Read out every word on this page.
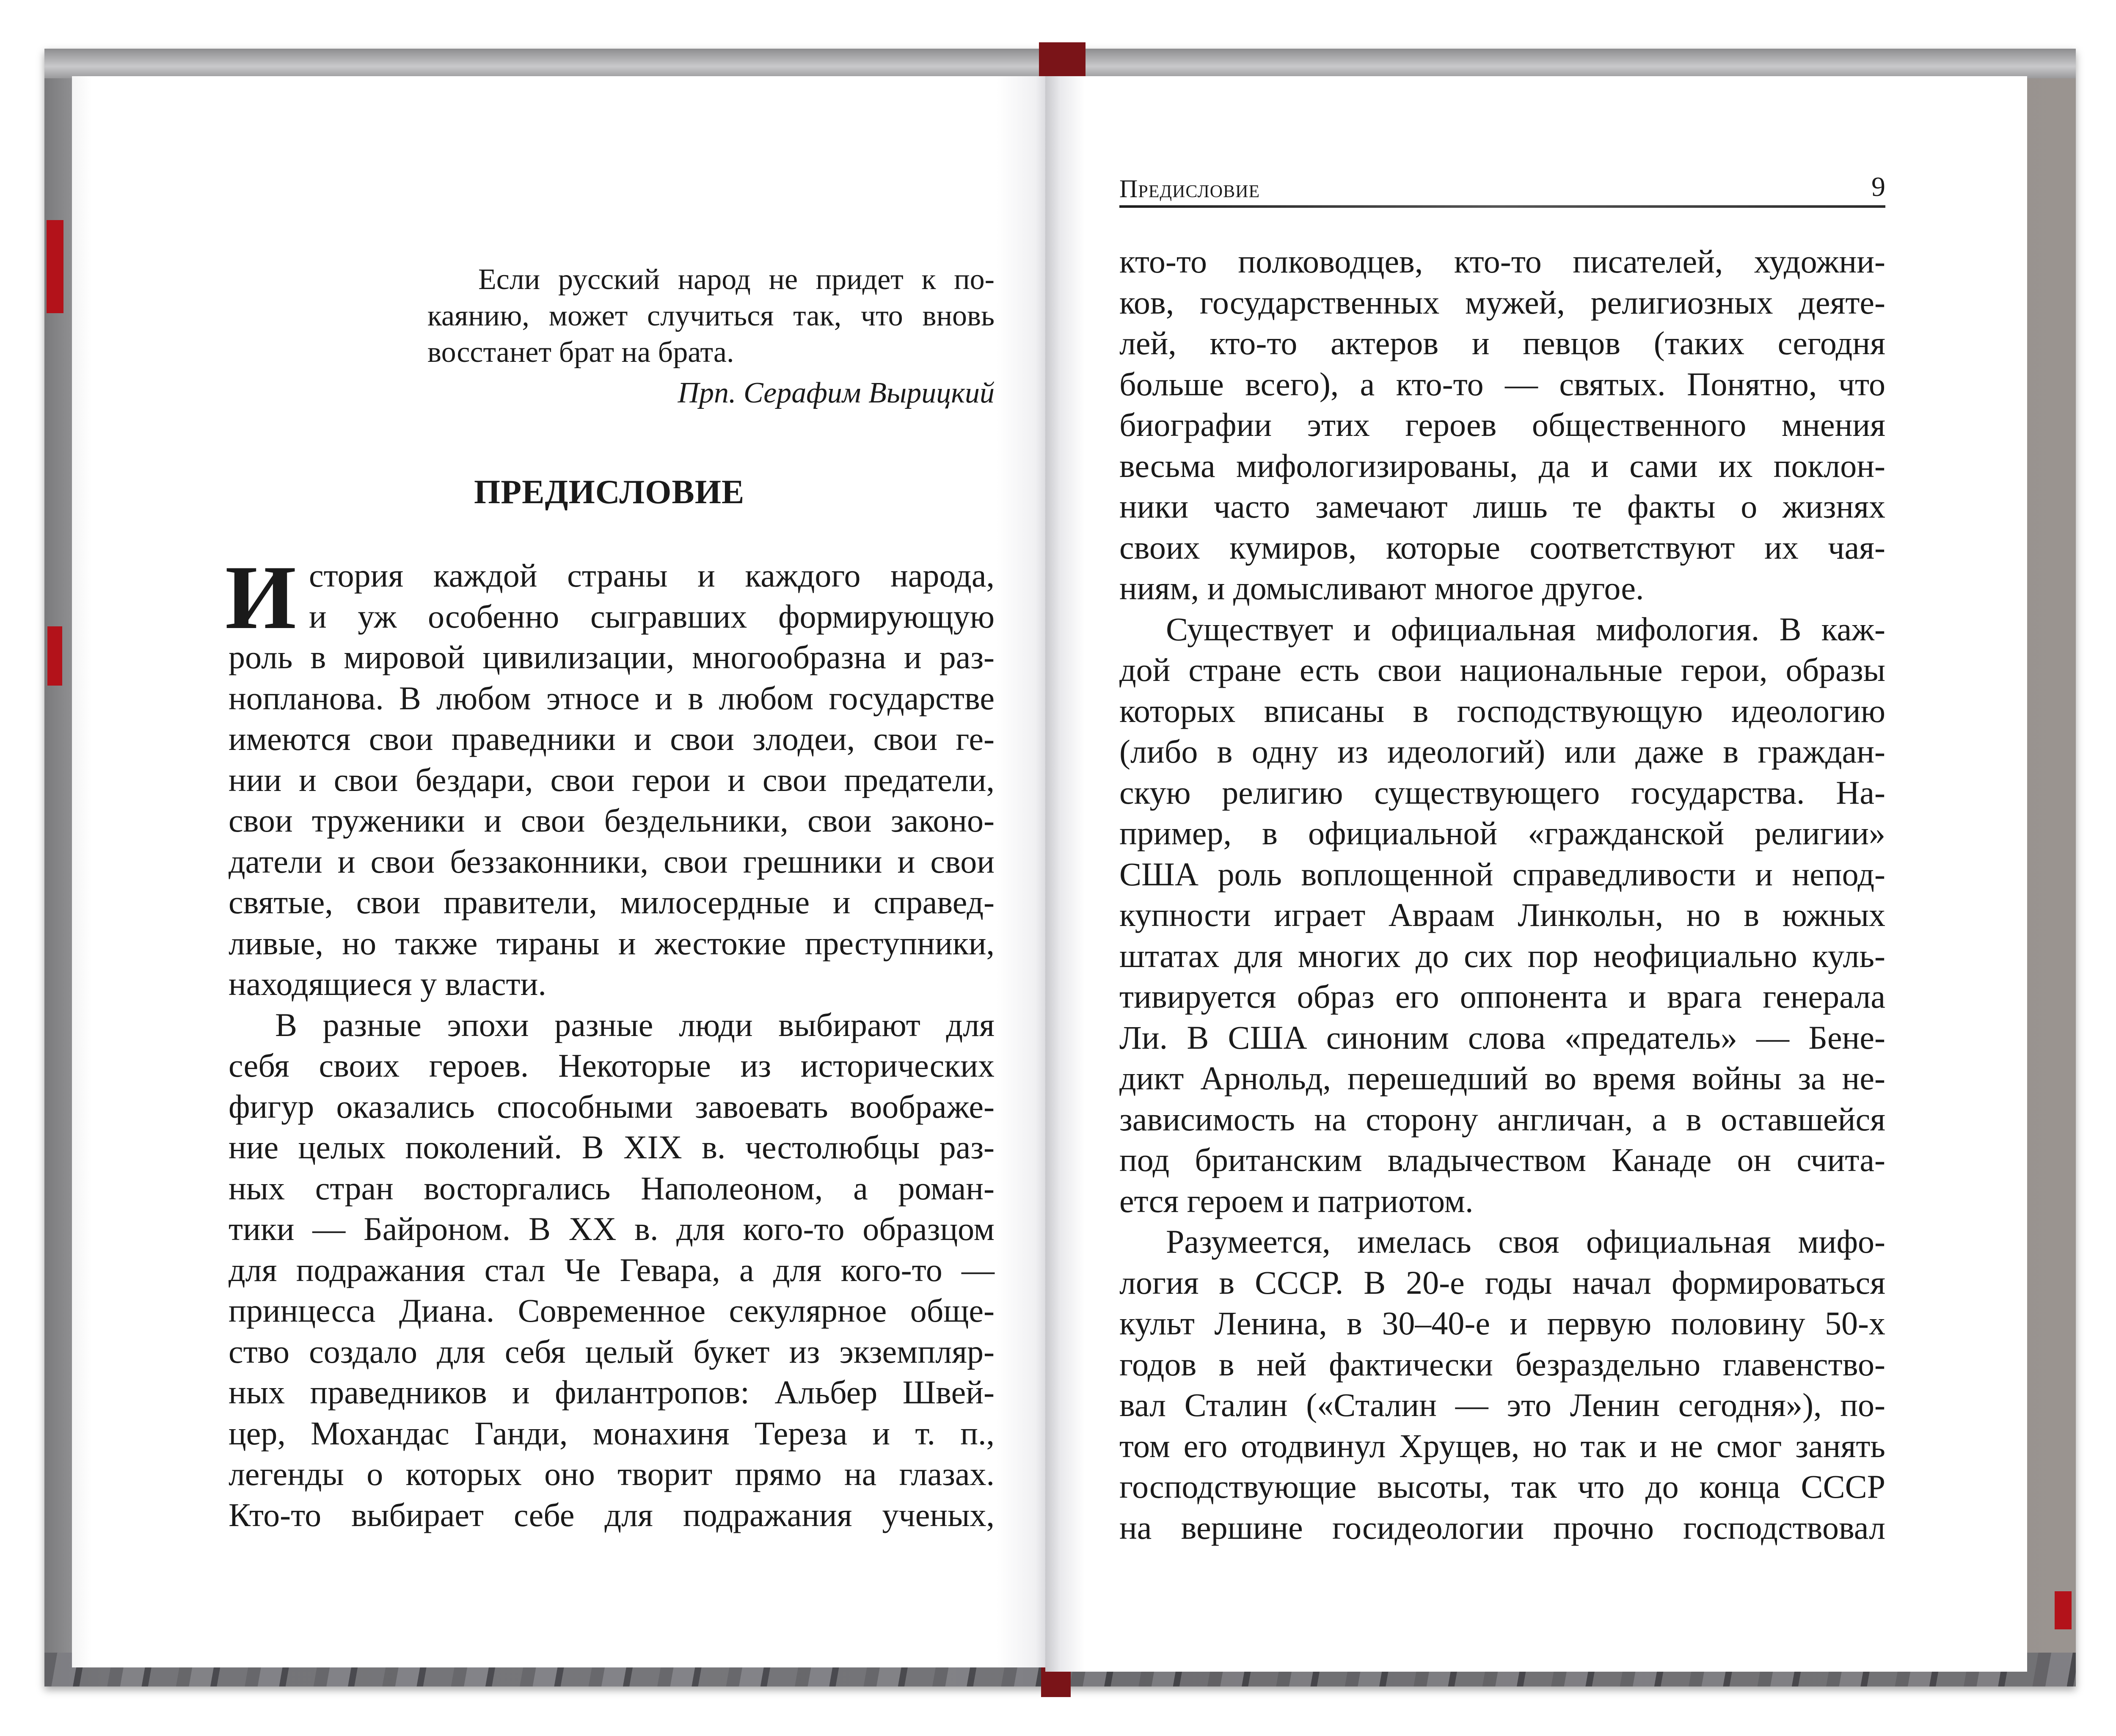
Если русский народ не придет к по-
каянию, может случиться так, что вновь
восстанет брат на брата.
Прп. Серафим Вырицкий
ПРЕДИСЛОВИЕ
И стория каждой страны и каждого народа,
и уж особенно сыгравших формирующую
роль в мировой цивилизации, многообразна и раз-
нопланова. В любом этносе и в любом государстве
имеются свои праведники и свои злодеи, свои ге-
нии и свои бездари, свои герои и свои предатели,
свои труженики и свои бездельники, свои законо-
датели и свои беззаконники, свои грешники и свои
святые, свои правители, милосердные и справед-
ливые, но также тираны и жестокие преступники,
находящиеся у власти.
В разные эпохи разные люди выбирают для
себя своих героев. Некоторые из исторических
фигур оказались способными завоевать воображе-
ние целых поколений. В XIX в. честолюбцы раз-
ных стран восторгались Наполеоном, а роман-
тики — Байроном. В XX в. для кого-то образцом
для подражания стал Че Гевара, а для кого-то —
принцесса Диана. Современное секулярное обще-
ство создало для себя целый букет из экземпляр-
ных праведников и филантропов: Альбер Швей-
цер, Мохандас Ганди, монахиня Тереза и т. п.,
легенды о которых оно творит прямо на глазах.
Кто-то выбирает себе для подражания ученых,
Предисловие	9
кто-то полководцев, кто-то писателей, художни-
ков, государственных мужей, религиозных деяте-
лей, кто-то актеров и певцов (таких сегодня
больше всего), а кто-то — святых. Понятно, что
биографии этих героев общественного мнения
весьма мифологизированы, да и сами их поклон-
ники часто замечают лишь те факты о жизнях
своих кумиров, которые соответствуют их чая-
ниям, и домысливают многое другое.
Существует и официальная мифология. В каж-
дой стране есть свои национальные герои, образы
которых вписаны в господствующую идеологию
(либо в одну из идеологий) или даже в граждан-
скую религию существующего государства. На-
пример, в официальной «гражданской религии»
США роль воплощенной справедливости и непод-
купности играет Авраам Линкольн, но в южных
штатах для многих до сих пор неофициально куль-
тивируется образ его оппонента и врага генерала
Ли. В США синоним слова «предатель» — Бене-
дикт Арнольд, перешедший во время войны за не-
зависимость на сторону англичан, а в оставшейся
под британским владычеством Канаде он счита-
ется героем и патриотом.
Разумеется, имелась своя официальная мифо-
логия в СССР. В 20-е годы начал формироваться
культ Ленина, в 30–40-е и первую половину 50-х
годов в ней фактически безраздельно главенство-
вал Сталин («Сталин — это Ленин сегодня»), по-
том его отодвинул Хрущев, но так и не смог занять
господствующие высоты, так что до конца СССР
на вершине госидеологии прочно господствовал
